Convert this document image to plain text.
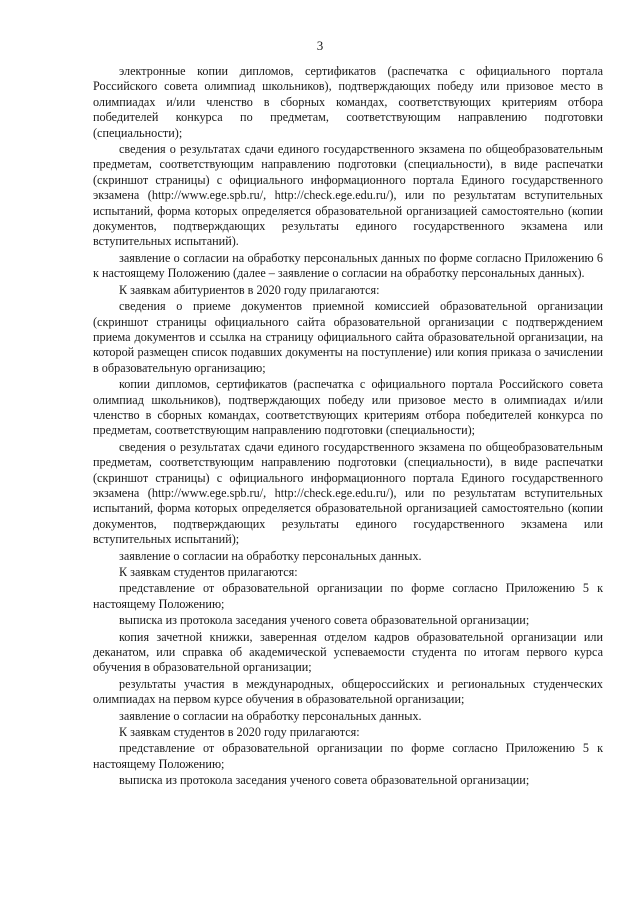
3

электронные копии дипломов, сертификатов (распечатка с официального портала Российского совета олимпиад школьников), подтверждающих победу или призовое место в олимпиадах и/или членство в сборных командах, соответствующих критериям отбора победителей конкурса по предметам, соответствующим направлению подготовки (специальности);

сведения о результатах сдачи единого государственного экзамена по общеобразовательным предметам, соответствующим направлению подготовки (специальности), в виде распечатки (скриншот страницы) с официального информационного портала Единого государственного экзамена (http://www.ege.spb.ru/, http://check.ege.edu.ru/), или по результатам вступительных испытаний, форма которых определяется образовательной организацией самостоятельно (копии документов, подтверждающих результаты единого государственного экзамена или вступительных испытаний).

заявление о согласии на обработку персональных данных по форме согласно Приложению 6 к настоящему Положению (далее – заявление о согласии на обработку персональных данных).

К заявкам абитуриентов в 2020 году прилагаются:

сведения о приеме документов приемной комиссией образовательной организации (скриншот страницы официального сайта образовательной организации с подтверждением приема документов и ссылка на страницу официального сайта образовательной организации, на которой размещен список подавших документы на поступление) или копия приказа о зачислении в образовательную организацию;

копии дипломов, сертификатов (распечатка с официального портала Российского совета олимпиад школьников), подтверждающих победу или призовое место в олимпиадах и/или членство в сборных командах, соответствующих критериям отбора победителей конкурса по предметам, соответствующим направлению подготовки (специальности);

сведения о результатах сдачи единого государственного экзамена по общеобразовательным предметам, соответствующим направлению подготовки (специальности), в виде распечатки (скриншот страницы) с официального информационного портала Единого государственного экзамена (http://www.ege.spb.ru/, http://check.ege.edu.ru/), или по результатам вступительных испытаний, форма которых определяется образовательной организацией самостоятельно (копии документов, подтверждающих результаты единого государственного экзамена или вступительных испытаний);

заявление о согласии на обработку персональных данных.

К заявкам студентов прилагаются:

представление от образовательной организации по форме согласно Приложению 5 к настоящему Положению;

выписка из протокола заседания ученого совета образовательной организации;

копия зачетной книжки, заверенная отделом кадров образовательной организации или деканатом, или справка об академической успеваемости студента по итогам первого курса обучения в образовательной организации;

результаты участия в международных, общероссийских и региональных студенческих олимпиадах на первом курсе обучения в образовательной организации;

заявление о согласии на обработку персональных данных.

К заявкам студентов в 2020 году прилагаются:

представление от образовательной организации по форме согласно Приложению 5 к настоящему Положению;

выписка из протокола заседания ученого совета образовательной организации;
